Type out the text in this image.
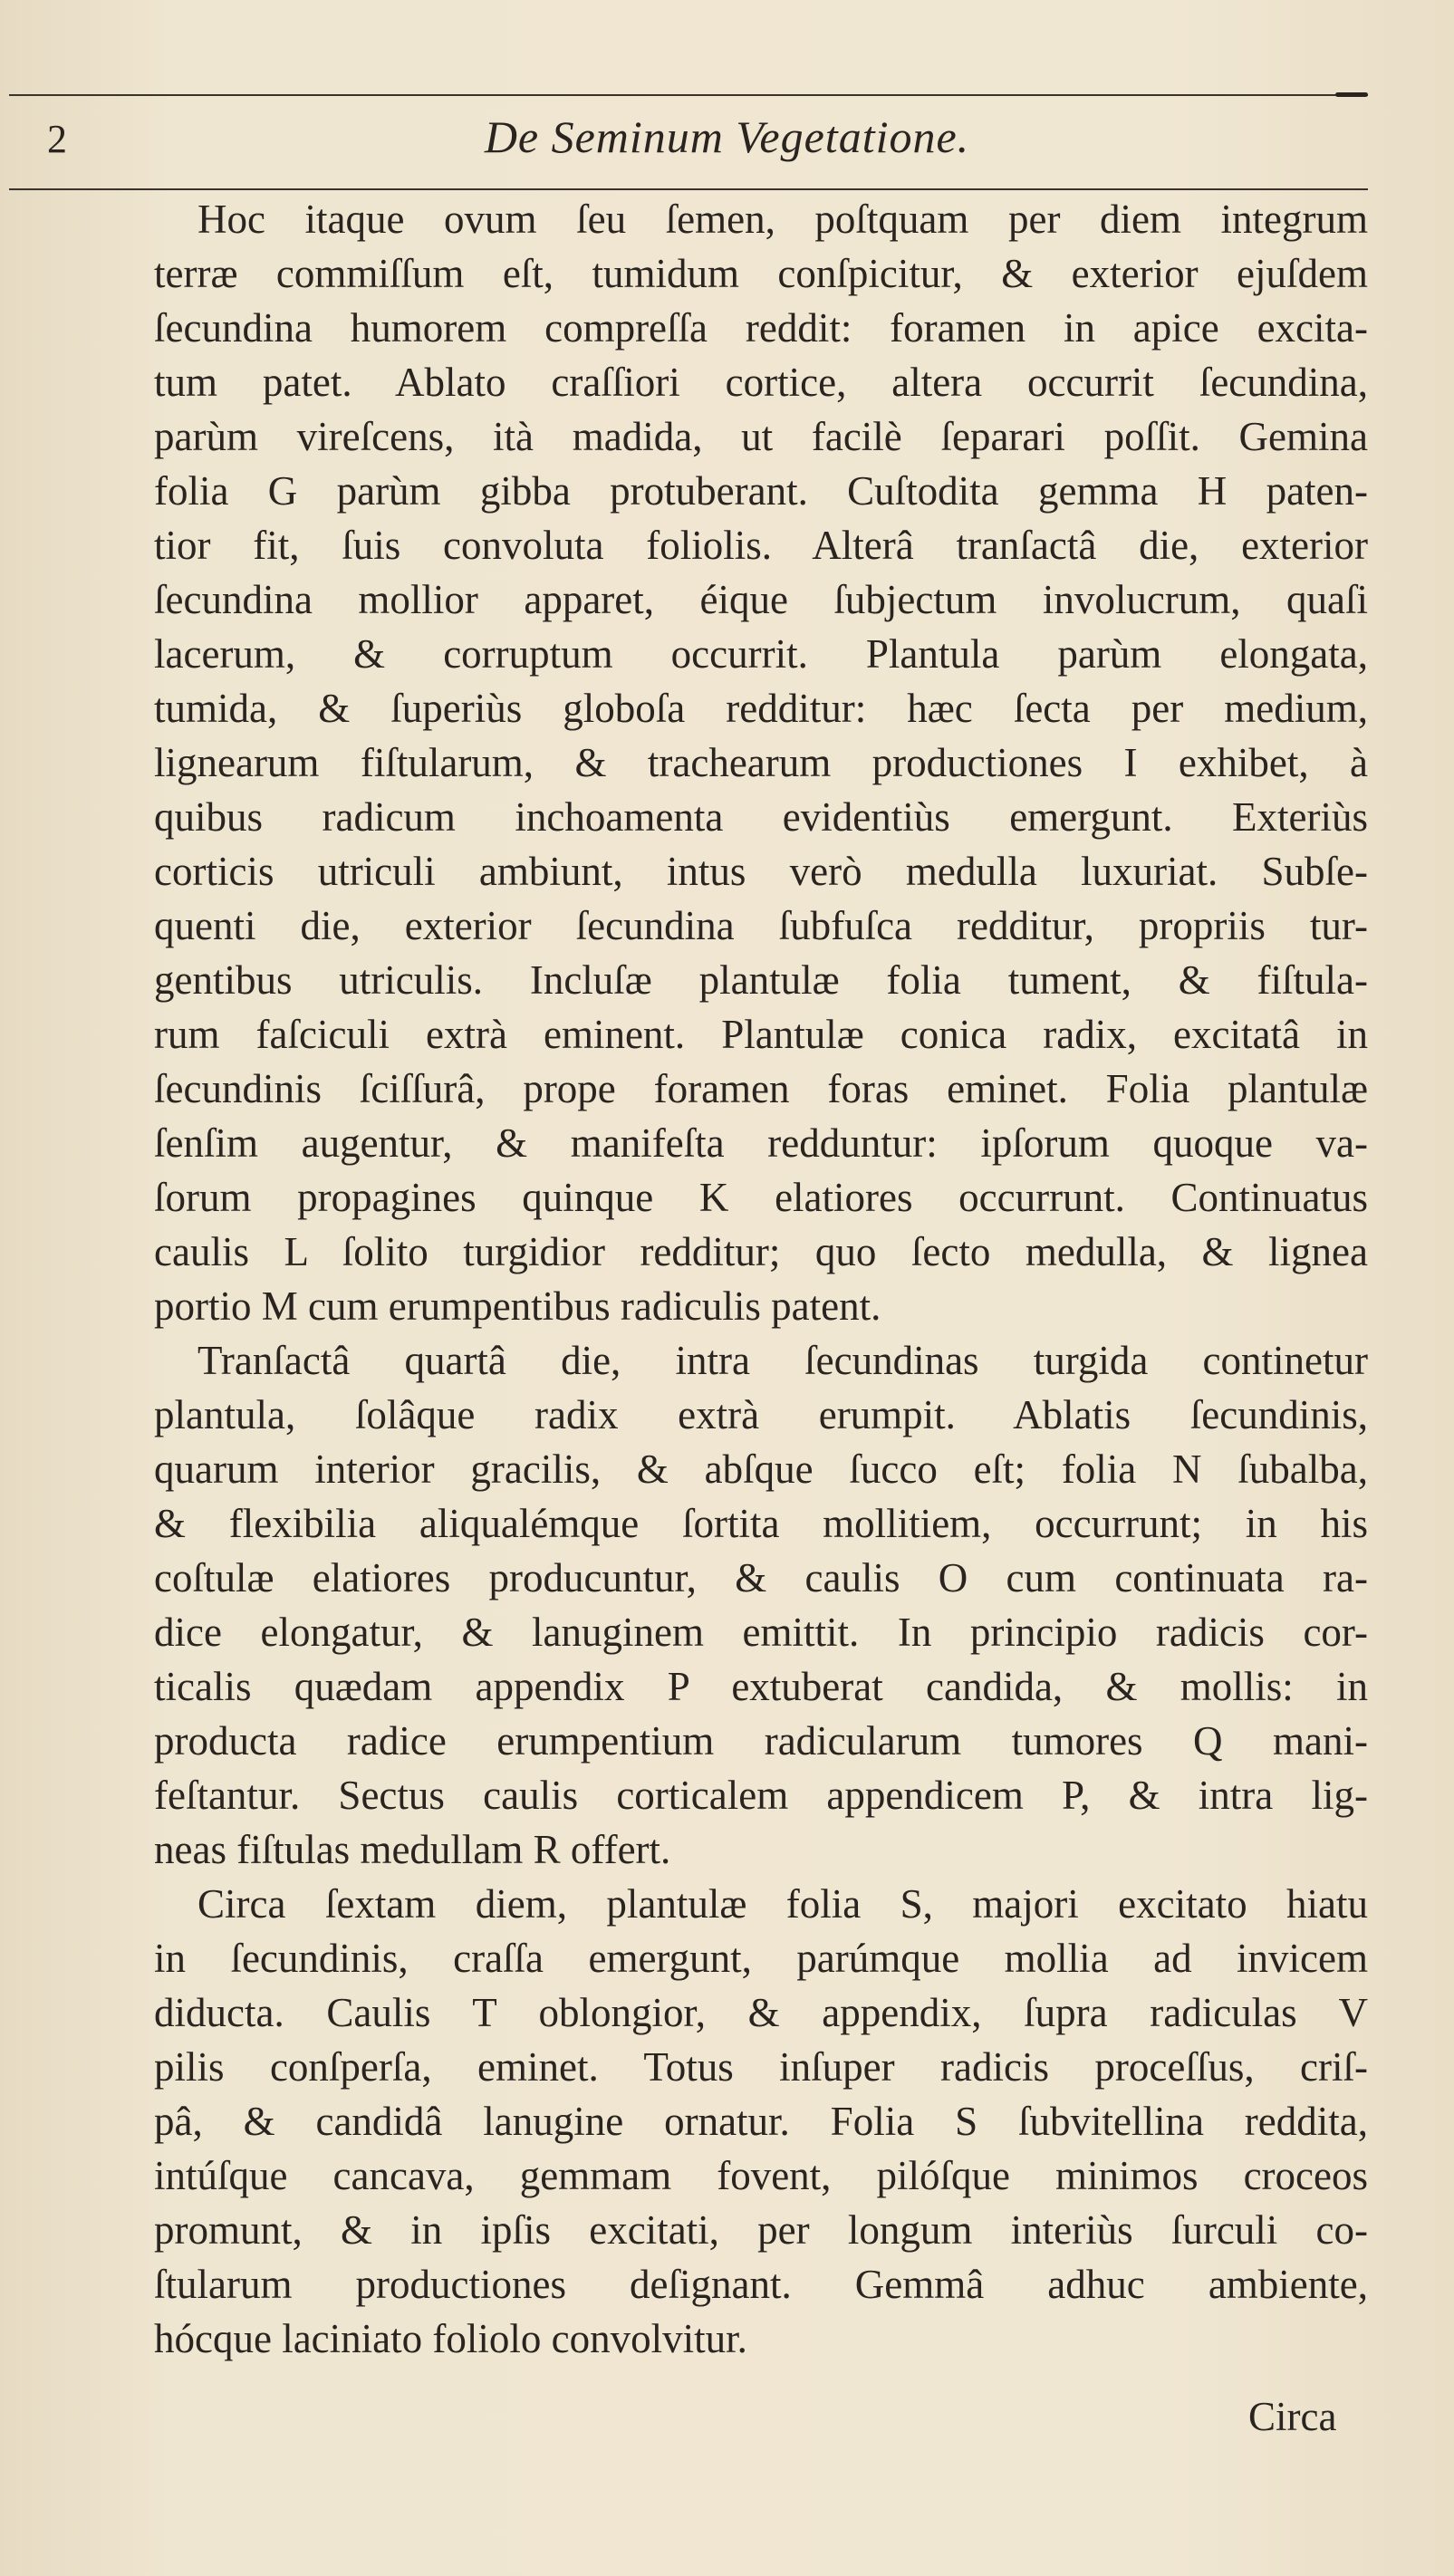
2	De Seminum Vegetatione.
Hoc itaque ovum ſeu ſemen, poſtquam per diem integrum
terræ commiſſum eſt, tumidum conſpicitur, & exterior ejuſdem
ſecundina humorem compreſſa reddit: foramen in apice excita-
tum patet. Ablato craſſiori cortice, altera occurrit ſecundina,
parùm vireſcens, ità madida, ut facilè ſeparari poſſit. Gemina
folia G parùm gibba protuberant. Cuſtodita gemma H paten-
tior fit, ſuis convoluta foliolis. Alterâ tranſactâ die, exterior
ſecundina mollior apparet, éique ſubjectum involucrum, quaſi
lacerum, & corruptum occurrit. Plantula parùm elongata,
tumida, & ſuperiùs globoſa redditur: hæc ſecta per medium,
lignearum fiſtularum, & trachearum productiones I exhibet, à
quibus radicum inchoamenta evidentiùs emergunt. Exteriùs
corticis utriculi ambiunt, intus verò medulla luxuriat. Subſe-
quenti die, exterior ſecundina ſubfuſca redditur, propriis tur-
gentibus utriculis. Incluſæ plantulæ folia tument, & fiſtula-
rum faſciculi extrà eminent. Plantulæ conica radix, excitatâ in
ſecundinis ſciſſurâ, prope foramen foras eminet. Folia plantulæ
ſenſim augentur, & manifeſta redduntur: ipſorum quoque va-
ſorum propagines quinque K elatiores occurrunt. Continuatus
caulis L ſolito turgidior redditur; quo ſecto medulla, & lignea
portio M cum erumpentibus radiculis patent.
Tranſactâ quartâ die, intra ſecundinas turgida continetur
plantula, ſolâque radix extrà erumpit. Ablatis ſecundinis,
quarum interior gracilis, & abſque ſucco eſt; folia N ſubalba,
& flexibilia aliqualémque ſortita mollitiem, occurrunt; in his
coſtulæ elatiores producuntur, & caulis O cum continuata ra-
dice elongatur, & lanuginem emittit. In principio radicis cor-
ticalis quædam appendix P extuberat candida, & mollis: in
producta radice erumpentium radicularum tumores Q mani-
feſtantur. Sectus caulis corticalem appendicem P, & intra lig-
neas fiſtulas medullam R offert.
Circa ſextam diem, plantulæ folia S, majori excitato hiatu
in ſecundinis, craſſa emergunt, parúmque mollia ad invicem
diducta. Caulis T oblongior, & appendix, ſupra radiculas V
pilis conſperſa, eminet. Totus inſuper radicis proceſſus, criſ-
pâ, & candidâ lanugine ornatur. Folia S ſubvitellina reddita,
intúſque cancava, gemmam fovent, pilóſque minimos croceos
promunt, & in ipſis excitati, per longum interiùs ſurculi co-
ſtularum productiones deſignant. Gemmâ adhuc ambiente,
hócque laciniato foliolo convolvitur.
Circa
